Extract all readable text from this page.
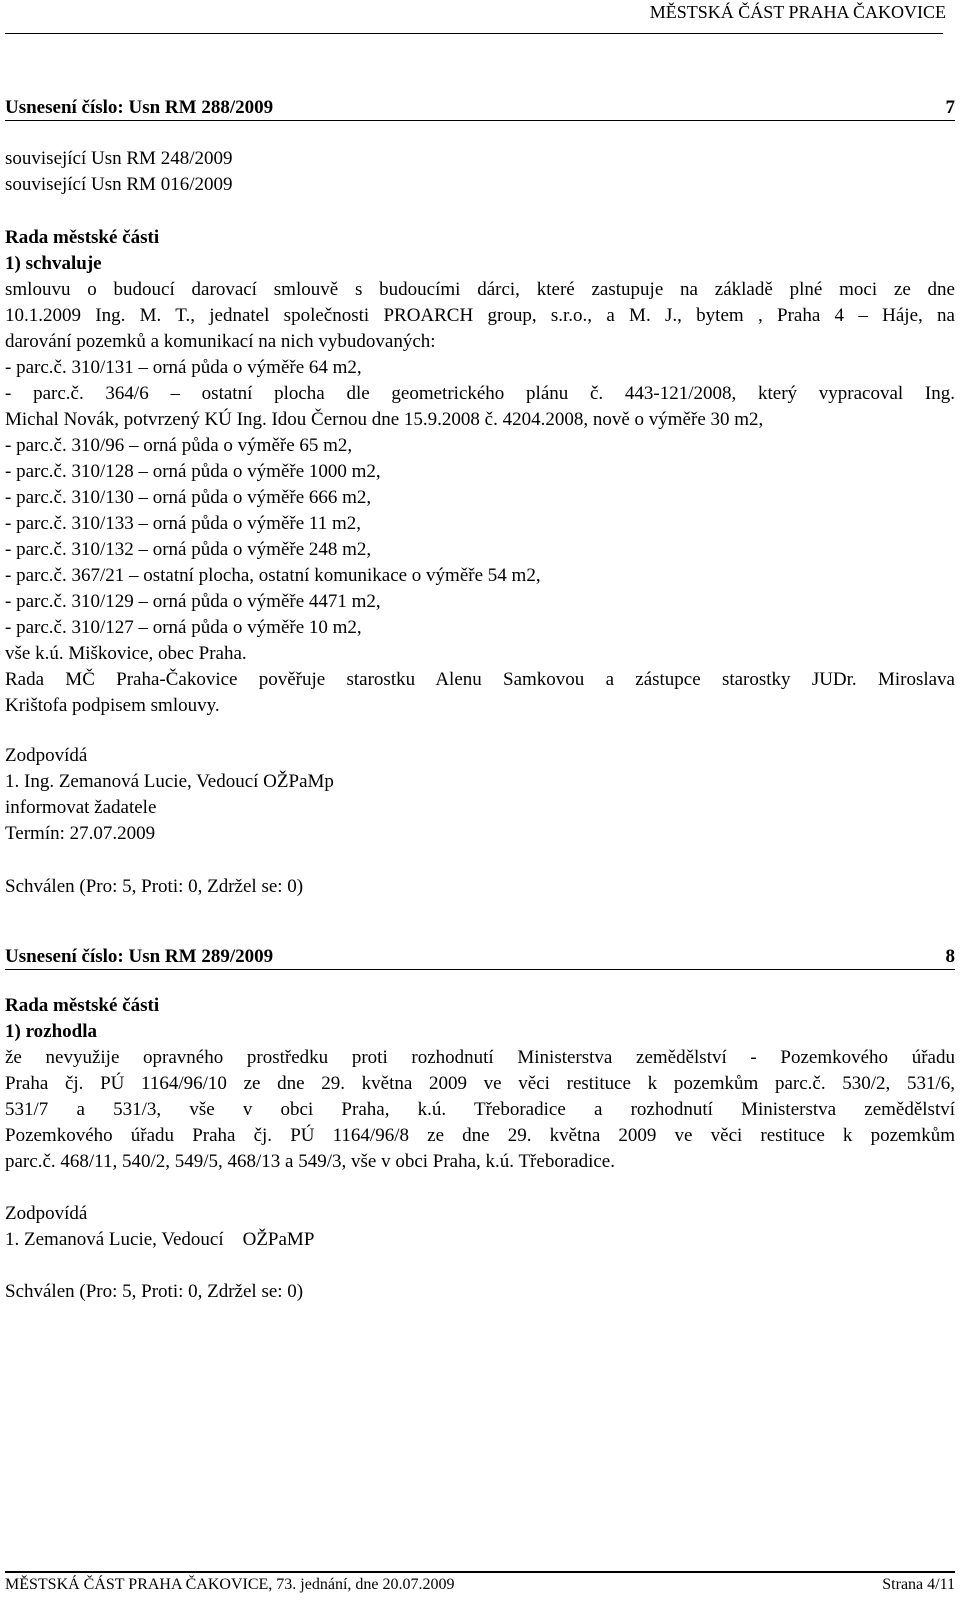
MĚSTSKÁ ČÁST PRAHA ČAKOVICE
Usnesení číslo: Usn RM 288/2009	7
související Usn RM 248/2009
související Usn RM 016/2009
Rada městské části
1) schvaluje
smlouvu o budoucí darovací smlouvě s budoucími dárci, které zastupuje na základě plné moci ze dne
10.1.2009 Ing. M. T., jednatel společnosti PROARCH group, s.r.o., a M. J., bytem , Praha 4 – Háje, na
darování pozemků a komunikací na nich vybudovaných:
- parc.č. 310/131 – orná půda o výměře 64 m2,
- parc.č. 364/6 – ostatní plocha dle geometrického plánu č. 443-121/2008, který vypracoval Ing.
Michal Novák, potvrzený KÚ Ing. Idou Černou dne 15.9.2008 č. 4204.2008, nově o výměře 30 m2,
- parc.č. 310/96 – orná půda o výměře 65 m2,
- parc.č. 310/128 – orná půda o výměře 1000 m2,
- parc.č. 310/130 – orná půda o výměře 666 m2,
- parc.č. 310/133 – orná půda o výměře 11 m2,
- parc.č. 310/132 – orná půda o výměře 248 m2,
- parc.č. 367/21 – ostatní plocha, ostatní komunikace o výměře 54 m2,
- parc.č. 310/129 – orná půda o výměře 4471 m2,
- parc.č. 310/127 – orná půda o výměře 10 m2,
vše k.ú. Miškovice, obec Praha.
Rada MČ Praha-Čakovice pověřuje starostku Alenu Samkovou a zástupce starostky JUDr. Miroslava
Krištofa podpisem smlouvy.
Zodpovídá
1. Ing. Zemanová Lucie, Vedoucí OŽPaMp
informovat žadatele
Termín: 27.07.2009
Schválen (Pro: 5, Proti: 0, Zdržel se: 0)
Usnesení číslo: Usn RM 289/2009	8
Rada městské části
1) rozhodla
že nevyužije opravného prostředku proti rozhodnutí Ministerstva zemědělství - Pozemkového úřadu
Praha čj. PÚ 1164/96/10 ze dne 29. května 2009 ve věci restituce k pozemkům parc.č. 530/2, 531/6,
531/7 a 531/3, vše v obci Praha, k.ú. Třeboradice a rozhodnutí Ministerstva zemědělství
Pozemkového úřadu Praha čj. PÚ 1164/96/8 ze dne 29. května 2009 ve věci restituce k pozemkům
parc.č. 468/11, 540/2, 549/5, 468/13 a 549/3, vše v obci Praha, k.ú. Třeboradice.
Zodpovídá
1. Zemanová Lucie, Vedoucí    OŽPaMP
Schválen (Pro: 5, Proti: 0, Zdržel se: 0)
MĚSTSKÁ ČÁST PRAHA ČAKOVICE, 73. jednání, dne 20.07.2009	Strana 4/11
